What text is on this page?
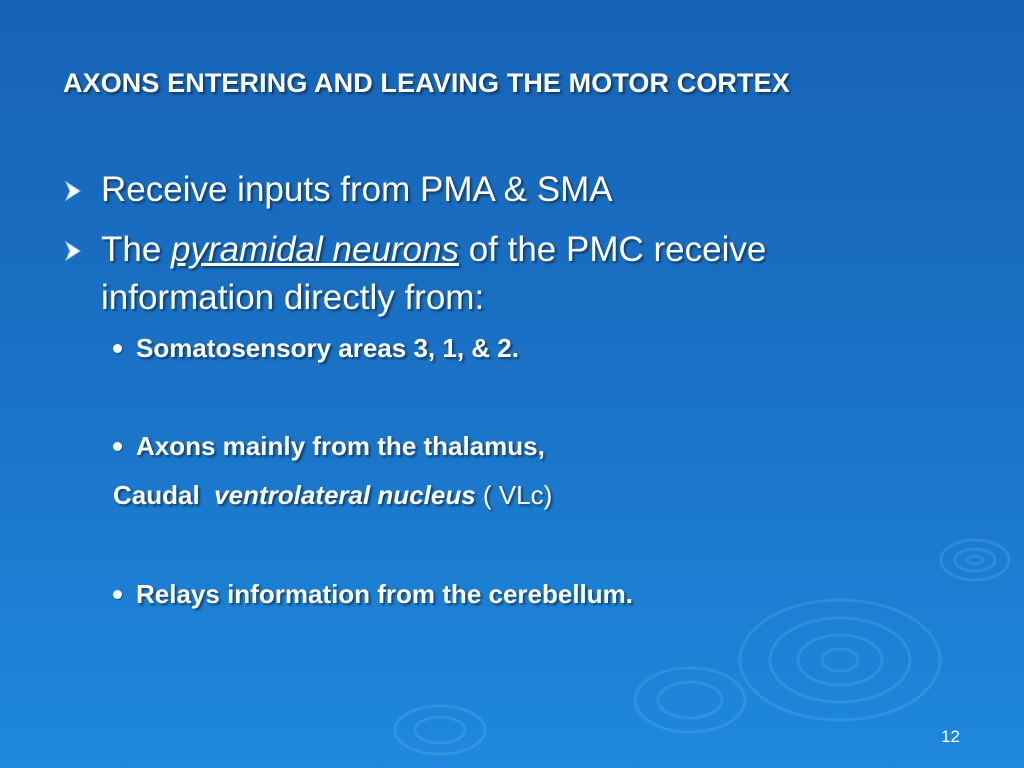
AXONS ENTERING AND LEAVING THE MOTOR CORTEX
Receive inputs from PMA & SMA
The pyramidal neurons of the PMC receive
information directly from:
Somatosensory areas 3, 1, & 2.
Axons mainly from the thalamus,
Caudal ventrolateral nucleus ( VLc)
Relays information from the cerebellum.
12
